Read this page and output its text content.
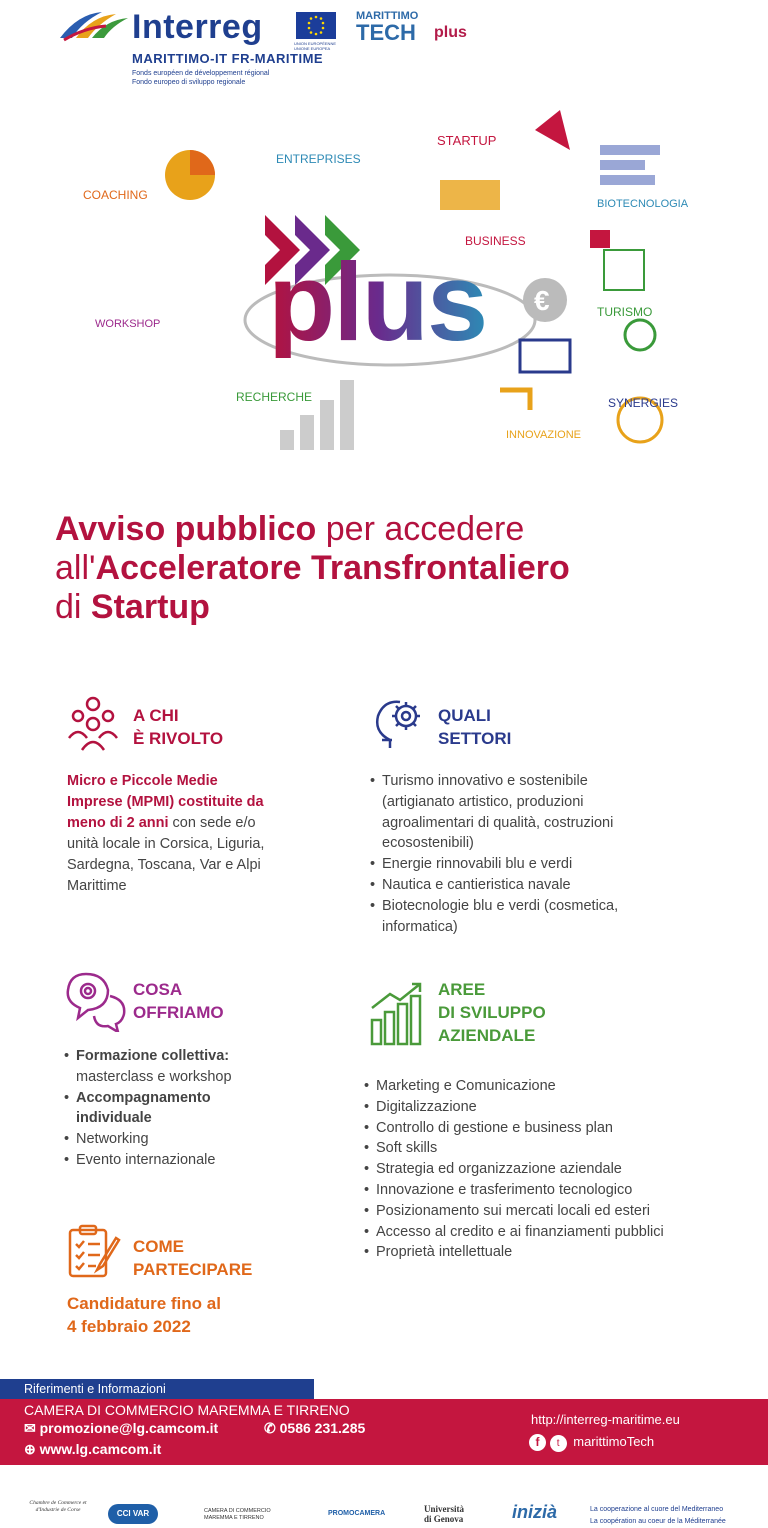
Interreg	UNION EUROPÉENNE UNIONE EUROPEA
MARITTIMO-IT FR-MARITIME
Fonds européen de développement régional
Fondo europeo di sviluppo regionale
MARITTIMO
TECH plus
COACHING
ENTREPRISES
STARTUP
BIOTECNOLOGIA
BUSINESS
WORKSHOP
TURISMO
RECHERCHE	SYNERGIES
INNOVAZIONE
€
plus
Avviso pubblico per accedere
all'Acceleratore Transfrontaliero
di Startup
A CHI
È RIVOLTO
Micro e Piccole Medie Imprese (MPMI) costituite da meno di 2 anni con sede e/o unità locale in Corsica, Liguria, Sardegna, Toscana, Var e Alpi Marittime
QUALI
SETTORI
• Turismo innovativo e sostenibile (artigianato artistico, produzioni agroalimentari di qualità, costruzioni ecosostenibili)
• Energie rinnovabili blu e verdi
• Nautica e cantieristica navale
• Biotecnologie blu e verdi (cosmetica, informatica)
COSA
OFFRIAMO
• Formazione collettiva:
masterclass e workshop
• Accompagnamento individuale
• Networking
• Evento internazionale
AREE
DI SVILUPPO
AZIENDALE
• Marketing e Comunicazione
• Digitalizzazione
• Controllo di gestione e business plan
• Soft skills
• Strategia ed organizzazione aziendale
• Innovazione e trasferimento tecnologico
• Posizionamento sui mercati locali ed esteri
• Accesso al credito e ai finanziamenti pubblici
• Proprietà intellettuale
COME
PARTECIPARE
Candidature fino al
4 febbraio 2022
Riferimenti e Informazioni
CAMERA DI COMMERCIO MAREMMA E TIRRENO
✉ promozione@lg.camcom.it	✆ 0586 231.285
⊕ www.lg.camcom.it
http://interreg-maritime.eu
f t marittimoTech
Chambre de Commerce et d'Industrie de Corse	CCI VAR	CAMERA DI COMMERCIO MAREMMA E TIRRENO
PROMOCAMERA	Università
di Genova	inizià	La cooperazione al cuore del Mediterraneo
La coopération au coeur de la Méditerranée
